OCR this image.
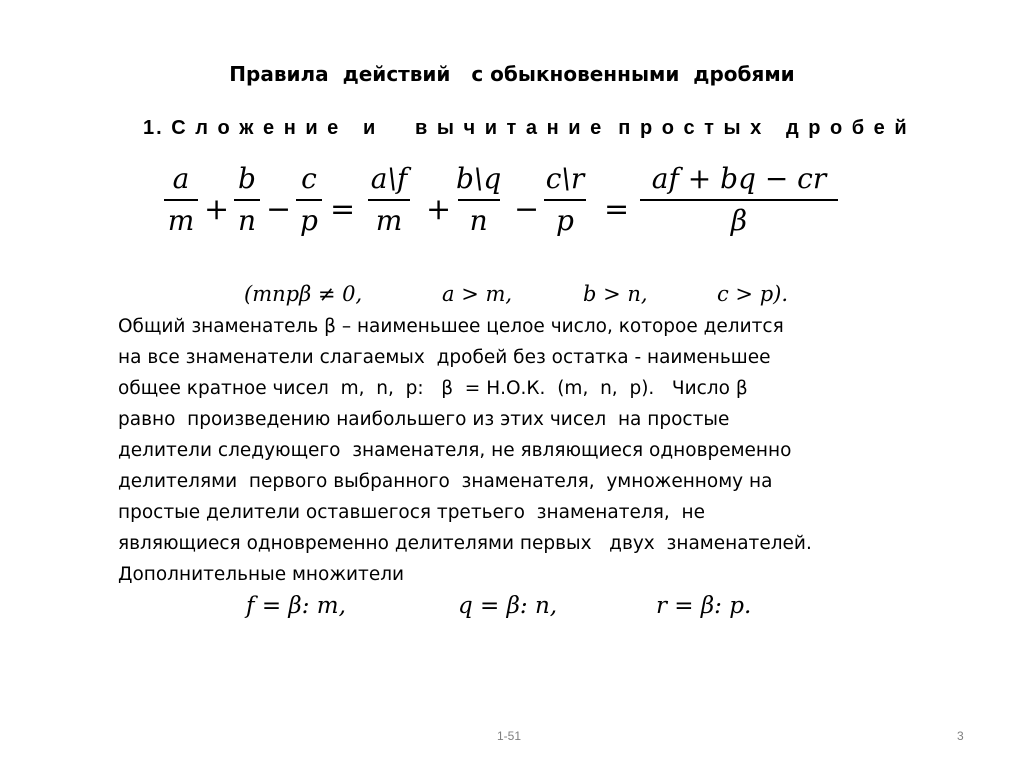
Правила  действий   с обыкновенными  дробями
1. С л о ж е н и е   и     в ы ч и т а н и е  п р о с т ы х   д р о б е й
a
m +
b
n −
c
p =
a\f
m +
b\q
n −
c\r
p =
af + bq − cr
β
(mnpβ ≠ 0,	a > m,	b > n,	c > p).
Общий знаменатель β – наименьшее целое число, которое делится
на все знаменатели слагаемых  дробей без остатка - наименьшее
общее кратное чисел  m,  n,  p:   β  = Н.О.К.  (m,  n,  p).   Число β
равно  произведению наибольшего из этих чисел  на простые
делители следующего  знаменателя, не являющиеся одновременно
делителями  первого выбранного  знаменателя,  умноженному на
простые делители оставшегося третьего  знаменателя,  не
являющиеся одновременно делителями первых   двух  знаменателей.
Дополнительные множители
f = β: m,	q = β: n,	r = β: p.
1-51	3
